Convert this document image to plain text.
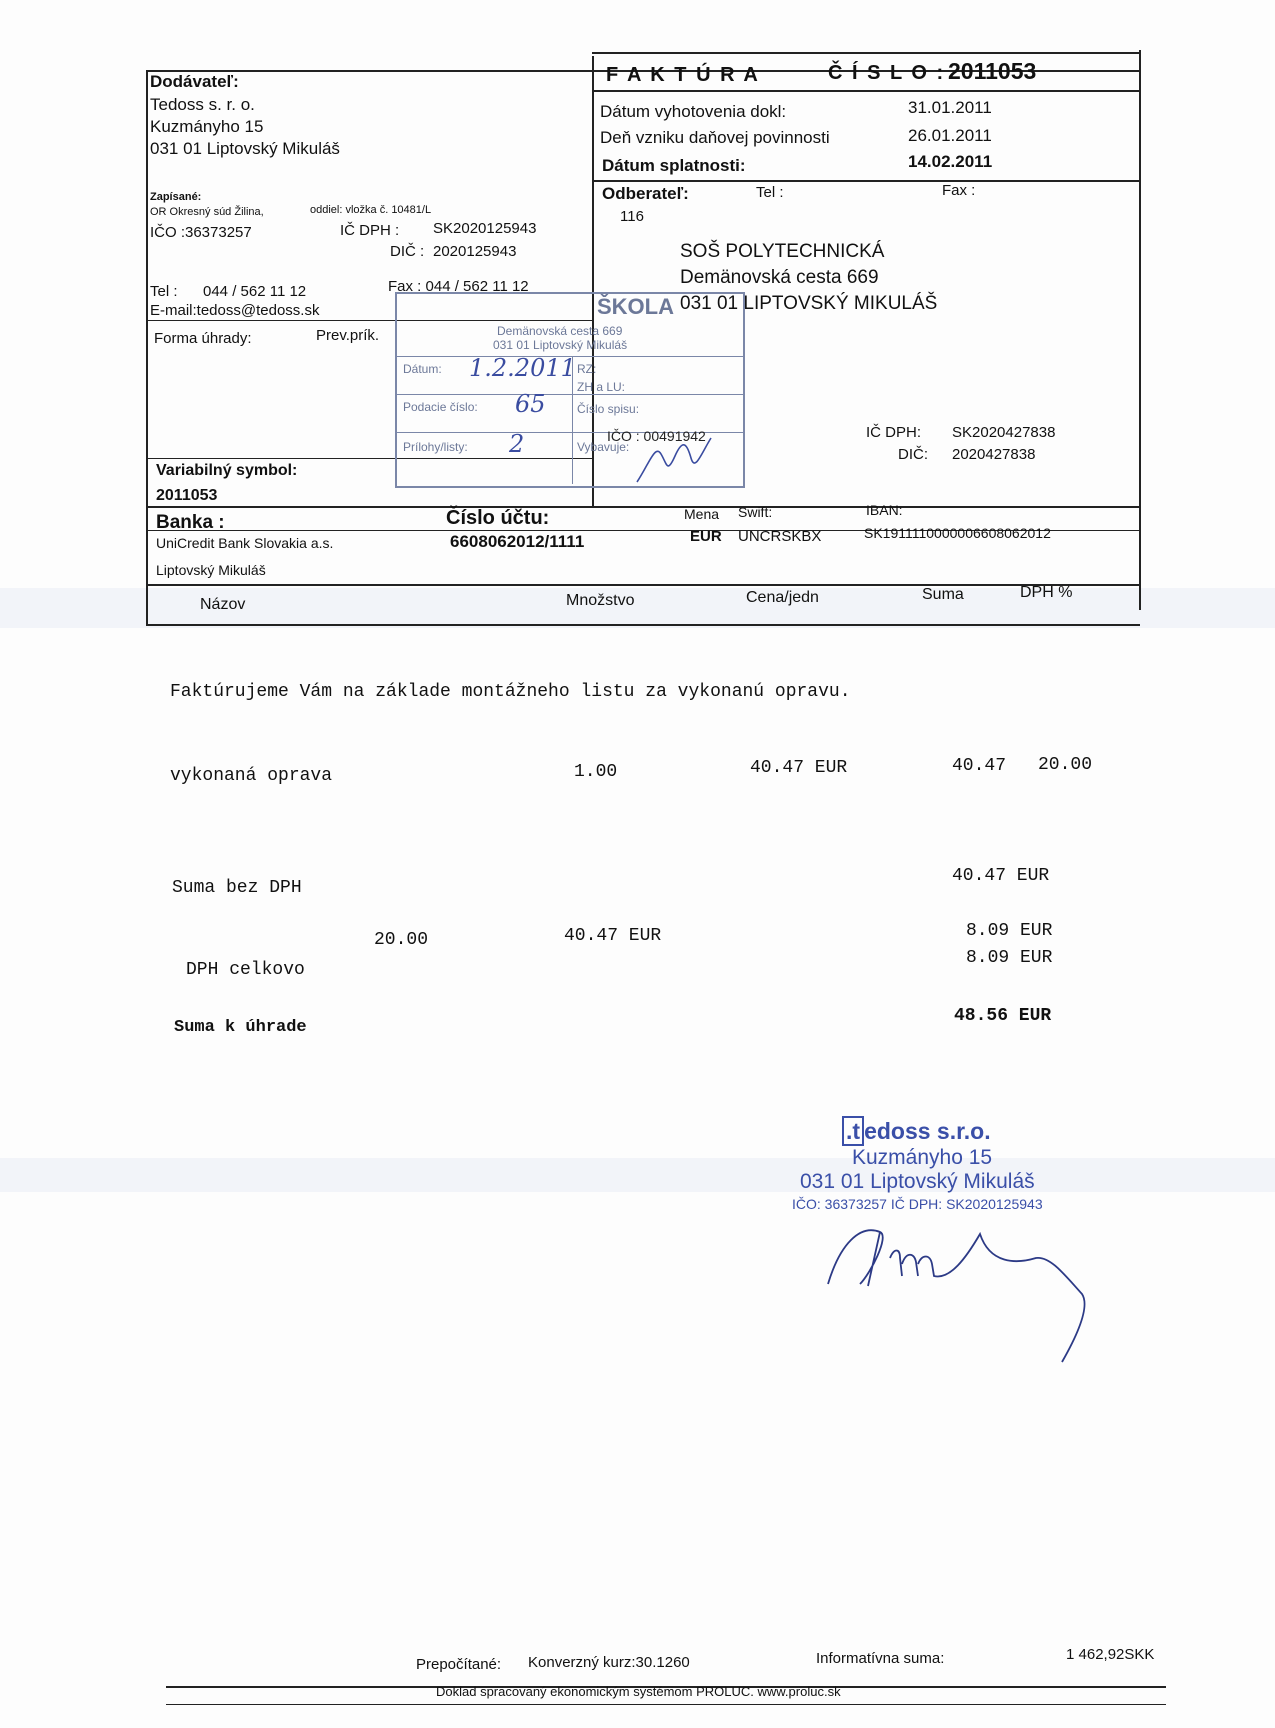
Dodávateľ:
Tedoss s. r. o.
Kuzmányho 15
031 01 Liptovský Mikuláš
Zapísané:
OR Okresný súd Žilina,	oddiel: vložka č. 10481/L
IČO :36373257	IČ DPH : SK2020125943
DIČ : 2020125943
Tel : 044 / 562 11 12	Fax : 044 / 562 11 12
E-mail:tedoss@tedoss.sk
F A K T Ú R A	Č Í S L O : 2011053
Dátum vyhotovenia dokl:	31.01.2011
Deň vzniku daňovej povinnosti	26.01.2011
Dátum splatnosti:	14.02.2011
Odberateľ:	Tel :	Fax :
116
SOŠ POLYTECHNICKÁ
Demänovská cesta 669
031 01 LIPTOVSKÝ MIKULÁŠ
IČ DPH: SK2020427838
DIČ: 2020427838
Forma úhrady:	Prev.prík.
Variabilný symbol:
2011053
Banka :
UniCredit Bank Slovakia a.s.
Liptovský Mikuláš
Číslo účtu:
6608062012/1111
Mena
EUR
Swift:
UNCRSKBX
IBAN:
SK1911110000006608062012
Názov	Množstvo	Cena/jedn	Suma	DPH %
ŠKOLA
Demänovská cesta 669
031 01 Liptovský Mikuláš
Dátum: 1.2.2011 RZ:
ZH a LU:
Podacie číslo: 65	Číslo spisu:
Prílohy/listy: 2	Vybavuje:
IČO : 00491942
Faktúrujeme Vám na základe montážneho listu za vykonanú opravu.
vykonaná oprava	1.00	40.47 EUR	40.47 20.00
Suma bez DPH
40.47 EUR
20.00	40.47 EUR	8.09 EUR
DPH celkovo
8.09 EUR
Suma k úhrade
48.56 EUR
.t edoss s.r.o.
Kuzmányho 15
031 01 Liptovský Mikuláš
IČO: 36373257 IČ DPH: SK2020125943
Prepočítané: Konverzný kurz:30.1260	Informatívna suma:	1 462,92SKK
Doklad spracovaný ekonomickým systémom PROLUC. www.proluc.sk
